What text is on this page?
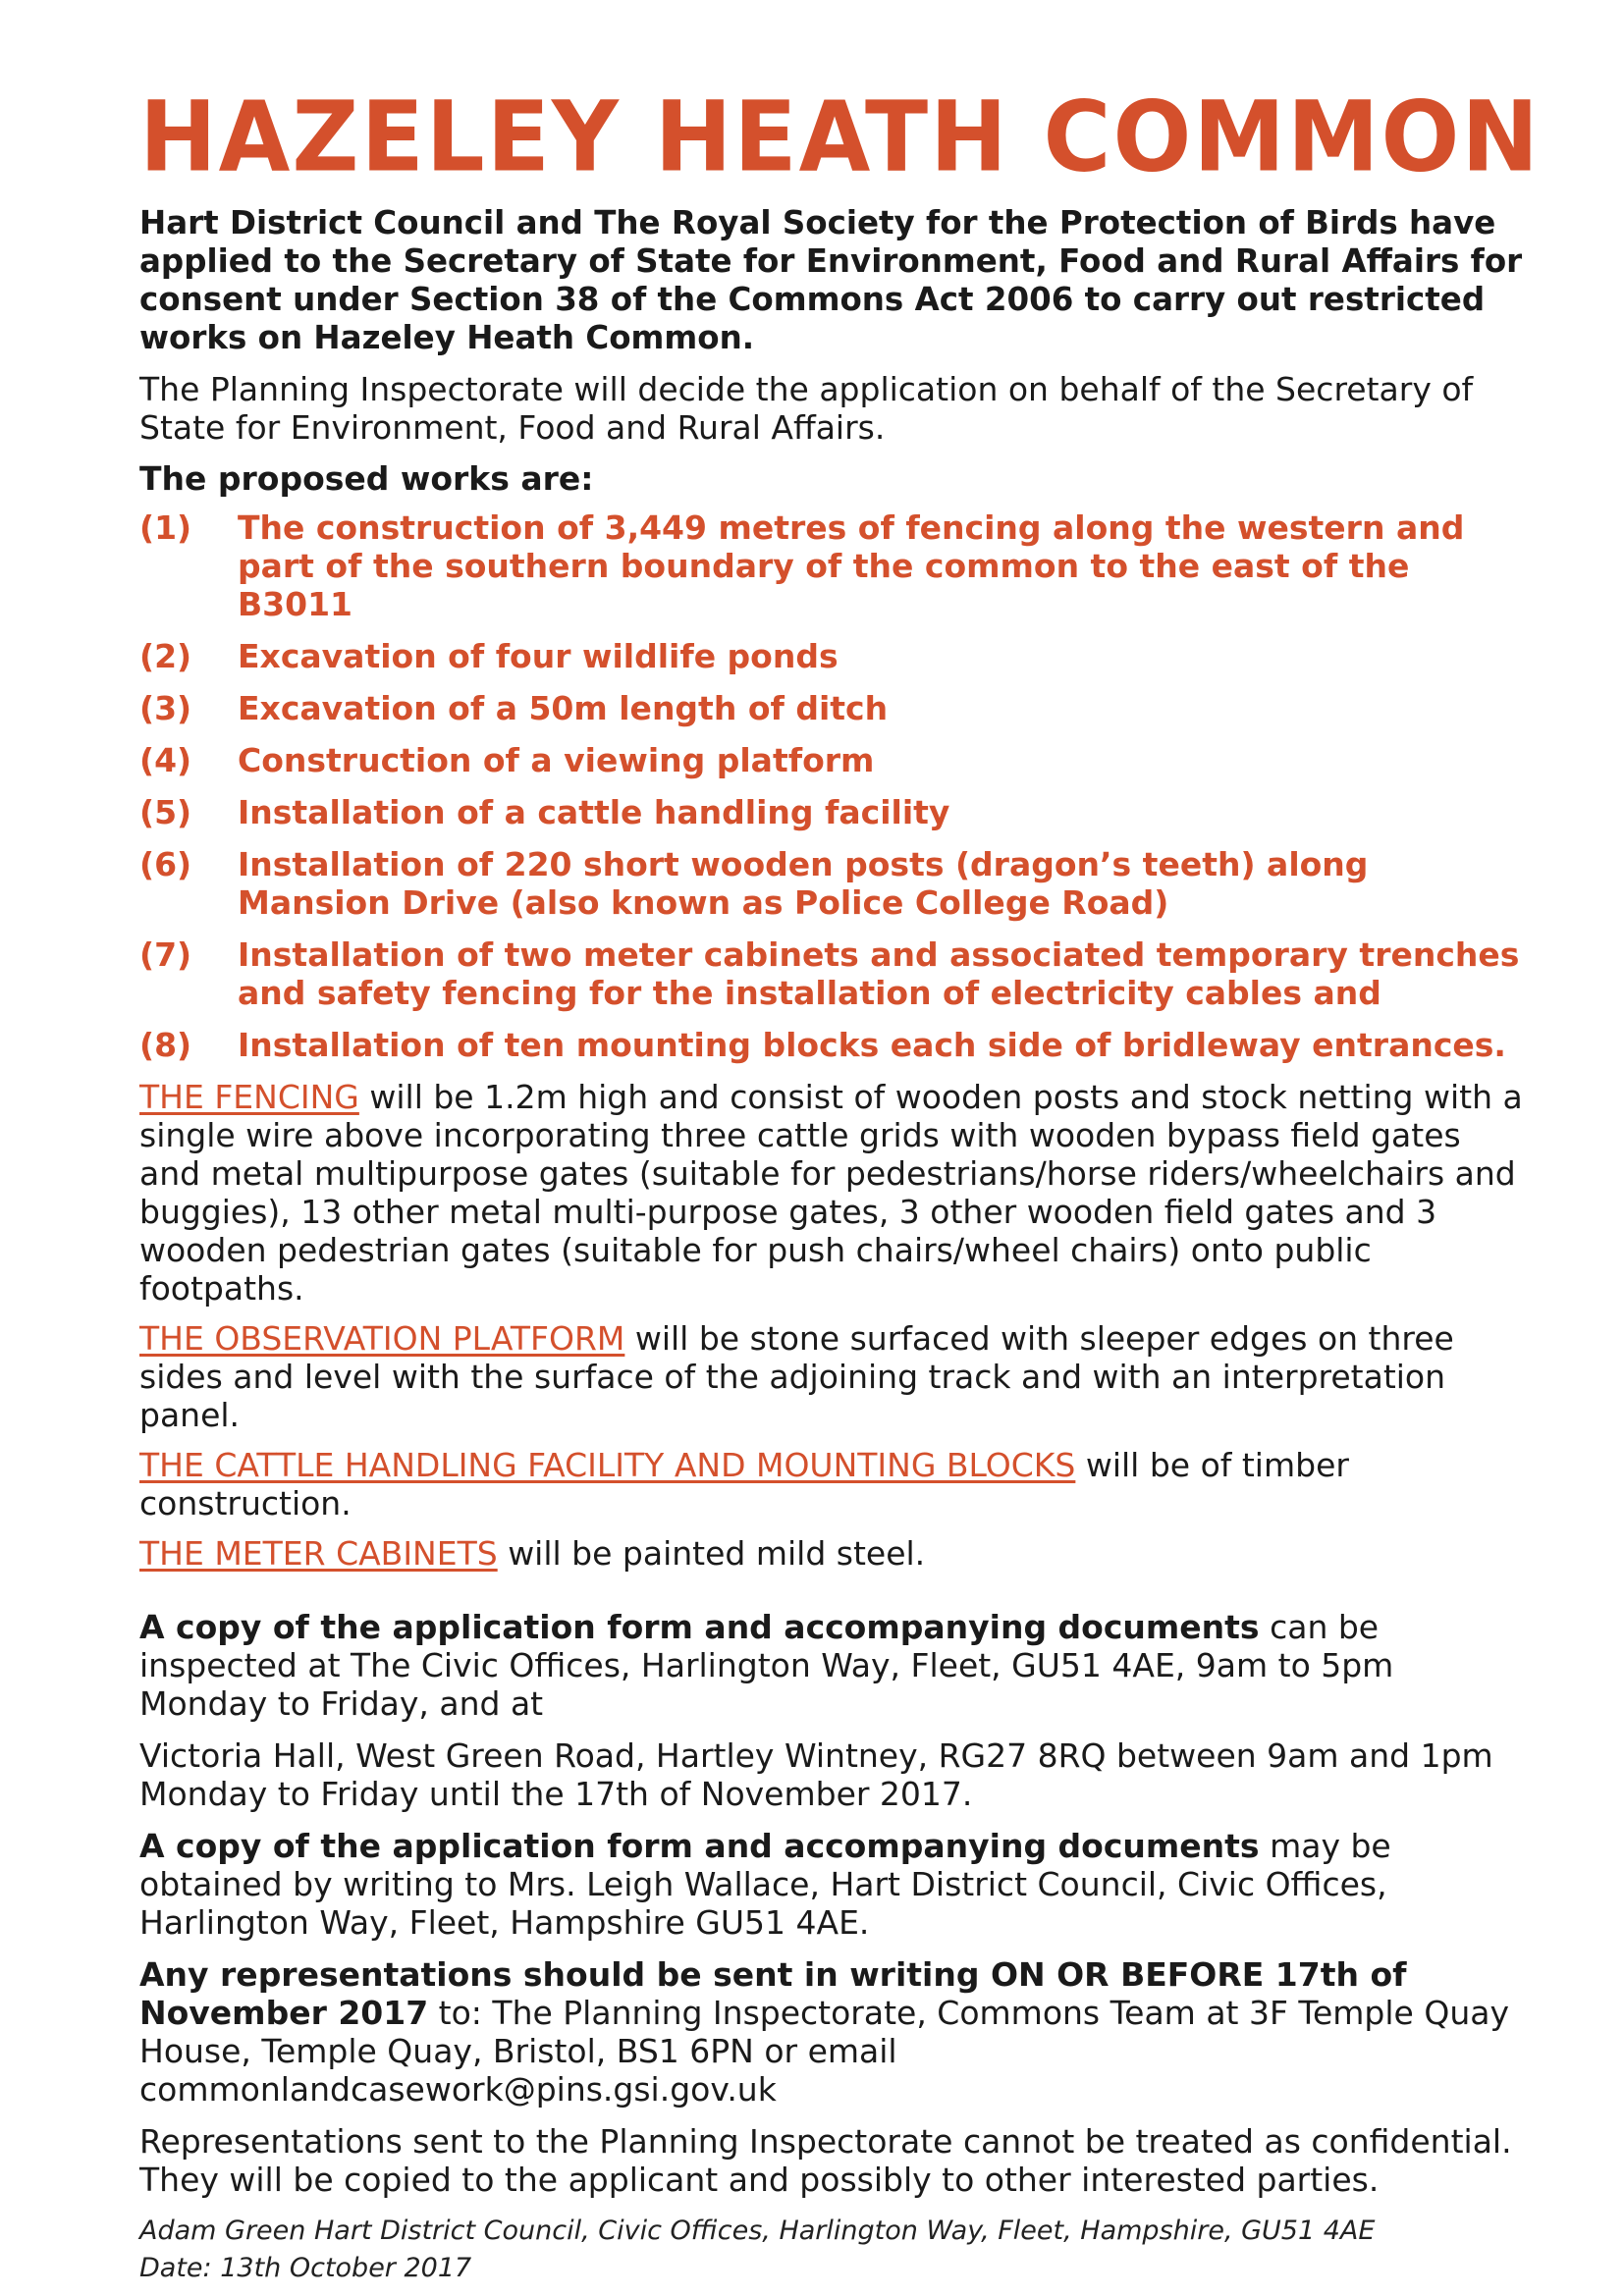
HAZELEY HEATH COMMON

Hart District Council and The Royal Society for the Protection of Birds have applied to the Secretary of State for Environment, Food and Rural Affairs for consent under Section 38 of the Commons Act 2006 to carry out restricted works on Hazeley Heath Common.

The Planning Inspectorate will decide the application on behalf of the Secretary of State for Environment, Food and Rural Affairs.

The proposed works are:

(1)	The construction of 3,449 metres of fencing along the western and part of the southern boundary of the common to the east of the B3011
(2)	Excavation of four wildlife ponds
(3)	Excavation of a 50m length of ditch
(4)	Construction of a viewing platform
(5)	Installation of a cattle handling facility
(6)	Installation of 220 short wooden posts (dragon’s teeth) along Mansion Drive (also known as Police College Road)
(7)	Installation of two meter cabinets and associated temporary trenches and safety fencing for the installation of electricity cables and
(8)	Installation of ten mounting blocks each side of bridleway entrances.

THE FENCING will be 1.2m high and consist of wooden posts and stock netting with a single wire above incorporating three cattle grids with wooden bypass field gates and metal multipurpose gates (suitable for pedestrians/horse riders/wheelchairs and buggies), 13 other metal multi-purpose gates, 3 other wooden field gates and 3 wooden pedestrian gates (suitable for push chairs/wheel chairs) onto public footpaths.

THE OBSERVATION PLATFORM will be stone surfaced with sleeper edges on three sides and level with the surface of the adjoining track and with an interpretation panel.

THE CATTLE HANDLING FACILITY AND MOUNTING BLOCKS will be of timber construction.

THE METER CABINETS will be painted mild steel.

A copy of the application form and accompanying documents can be inspected at The Civic Offices, Harlington Way, Fleet, GU51 4AE, 9am to 5pm Monday to Friday, and at

Victoria Hall, West Green Road, Hartley Wintney, RG27 8RQ between 9am and 1pm Monday to Friday until the 17th of November 2017.

A copy of the application form and accompanying documents may be obtained by writing to Mrs. Leigh Wallace, Hart District Council, Civic Offices, Harlington Way, Fleet, Hampshire GU51 4AE.

Any representations should be sent in writing ON OR BEFORE 17th of November 2017 to: The Planning Inspectorate, Commons Team at 3F Temple Quay House, Temple Quay, Bristol, BS1 6PN or email
commonlandcasework@pins.gsi.gov.uk

Representations sent to the Planning Inspectorate cannot be treated as confidential. They will be copied to the applicant and possibly to other interested parties.

Adam Green Hart District Council, Civic Offices, Harlington Way, Fleet, Hampshire, GU51 4AE
Date: 13th October 2017
